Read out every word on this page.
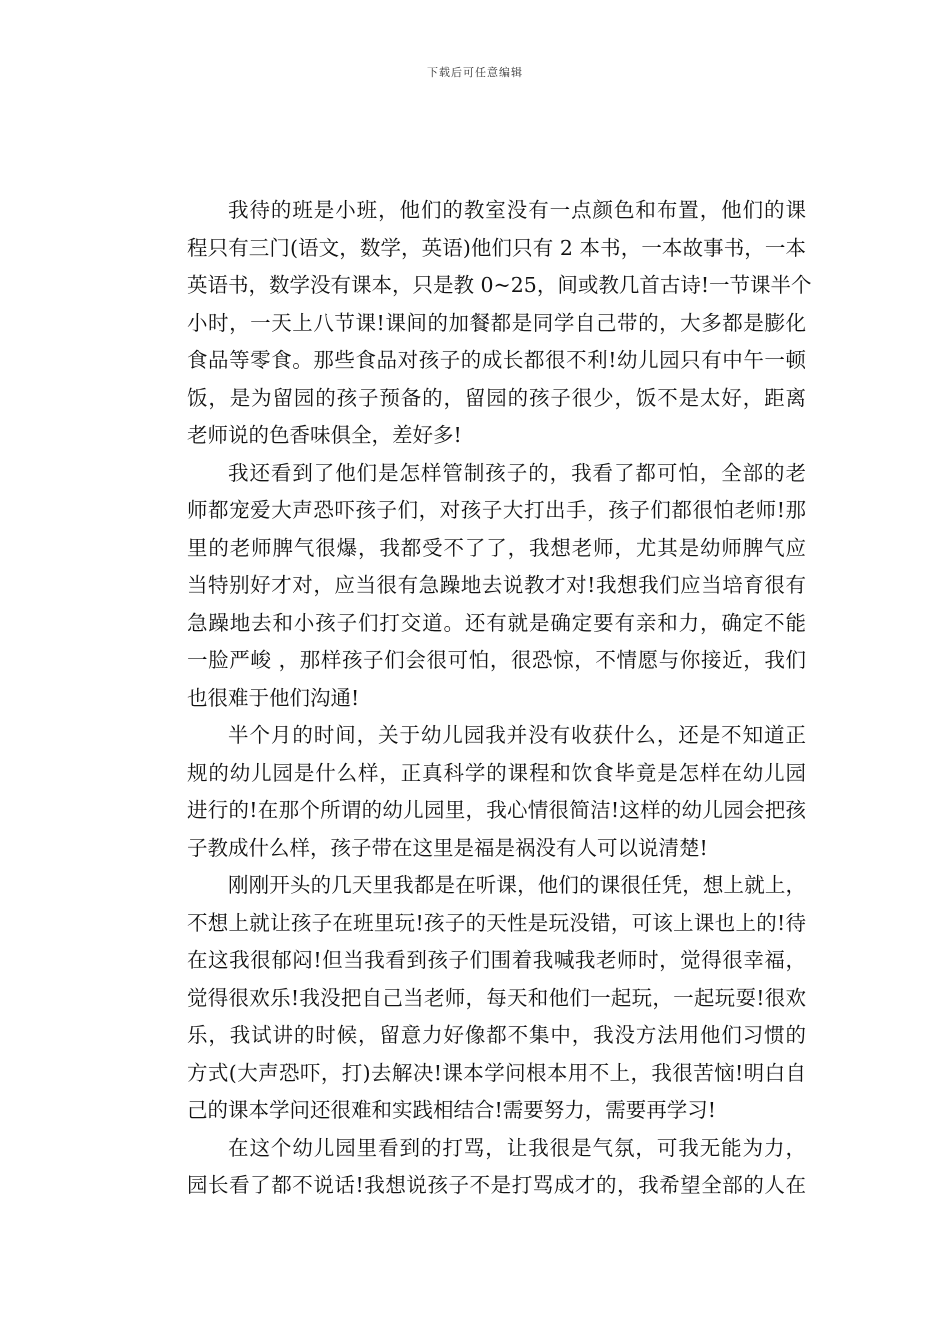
下载后可任意编辑
我待的班是小班，他们的教室没有一点颜色和布置，他们的课
程只有三门(语文，数学，英语)他们只有 2 本书，一本故事书，一本
英语书，数学没有课本，只是教 0~25，间或教几首古诗!一节课半个
小时，一天上八节课!课间的加餐都是同学自己带的，大多都是膨化
食品等零食。那些食品对孩子的成长都很不利!幼儿园只有中午一顿
饭，是为留园的孩子预备的，留园的孩子很少，饭不是太好，距离
老师说的色香味俱全，差好多!
我还看到了他们是怎样管制孩子的，我看了都可怕，全部的老
师都宠爱大声恐吓孩子们，对孩子大打出手，孩子们都很怕老师!那
里的老师脾气很爆，我都受不了了，我想老师，尤其是幼师脾气应
当特别好才对，应当很有急躁地去说教才对!我想我们应当培育很有
急躁地去和小孩子们打交道。还有就是确定要有亲和力，确定不能
一脸严峻 ，那样孩子们会很可怕，很恐惊，不情愿与你接近，我们
也很难于他们沟通!
半个月的时间，关于幼儿园我并没有收获什么，还是不知道正
规的幼儿园是什么样，正真科学的课程和饮食毕竟是怎样在幼儿园
进行的!在那个所谓的幼儿园里，我心情很简洁!这样的幼儿园会把孩
子教成什么样，孩子带在这里是福是祸没有人可以说清楚!
刚刚开头的几天里我都是在听课，他们的课很任凭，想上就上，
不想上就让孩子在班里玩!孩子的天性是玩没错，可该上课也上的!待
在这我很郁闷!但当我看到孩子们围着我喊我老师时，觉得很幸福，
觉得很欢乐!我没把自己当老师，每天和他们一起玩，一起玩耍!很欢
乐，我试讲的时候，留意力好像都不集中，我没方法用他们习惯的
方式(大声恐吓，打)去解决!课本学问根本用不上，我很苦恼!明白自
己的课本学问还很难和实践相结合!需要努力，需要再学习!
在这个幼儿园里看到的打骂，让我很是气氛，可我无能为力，
园长看了都不说话!我想说孩子不是打骂成才的，我希望全部的人在
